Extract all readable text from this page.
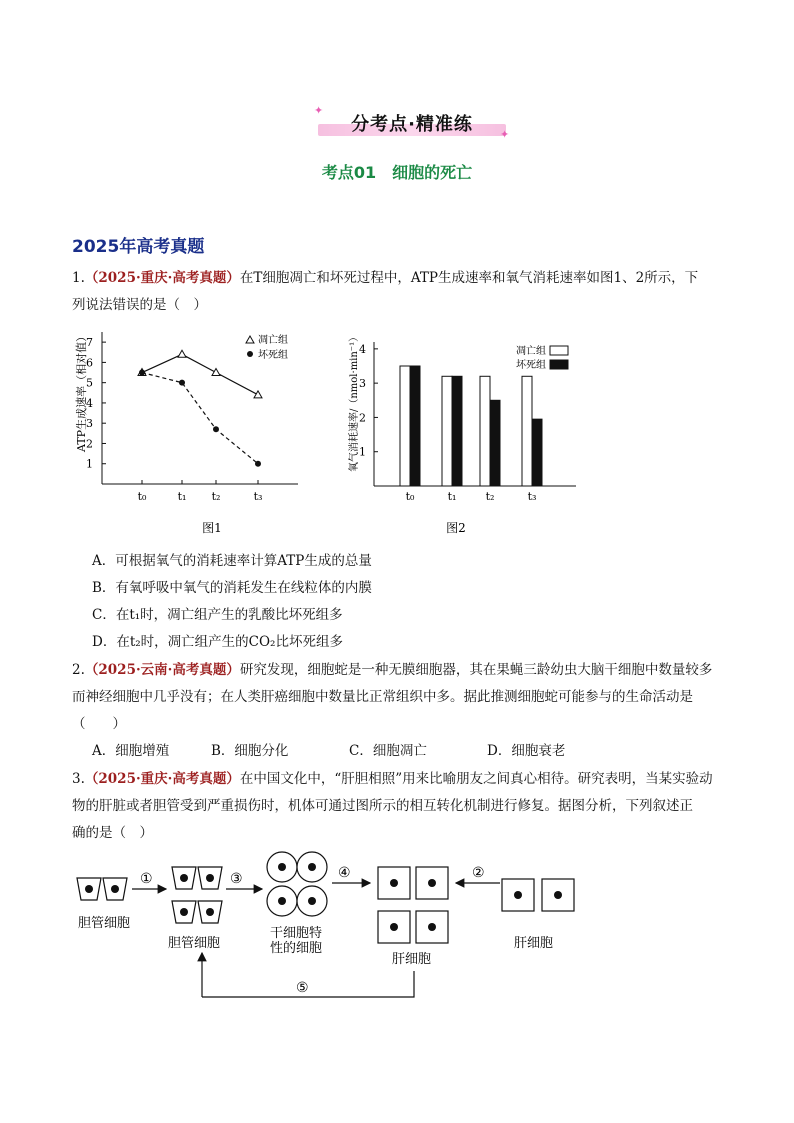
分考点·精准练
✦
✦
考点01　细胞的死亡
2025年高考真题
1.（2025·重庆·高考真题）在T细胞凋亡和坏死过程中，ATP生成速率和氧气消耗速率如图1、2所示，下
列说法错误的是（　）
1
2
3
4
5
6
7
t₀	t₁ t₂	t₃
ATP生成速率（相对值）	凋亡组
坏死组
图1
1
2
3
4
t₀	t₁	t₂	t₃
氧气消耗速率/（nmol·min⁻¹）	凋亡组
坏死组
图2
A．可根据氧气的消耗速率计算ATP生成的总量
B．有氧呼吸中氧气的消耗发生在线粒体的内膜
C．在t₁时，凋亡组产生的乳酸比坏死组多
D．在t₂时，凋亡组产生的CO₂比坏死组多
2.（2025·云南·高考真题）研究发现，细胞蛇是一种无膜细胞器，其在果蝇三龄幼虫大脑干细胞中数量较多
而神经细胞中几乎没有；在人类肝癌细胞中数量比正常组织中多。据此推测细胞蛇可能参与的生命活动是
（　　）
A．细胞增殖	B．细胞分化	C．细胞凋亡	D．细胞衰老
3.（2025·重庆·高考真题）在中国文化中，“肝胆相照”用来比喻朋友之间真心相待。研究表明，当某实验动
物的肝脏或者胆管受到严重损伤时，机体可通过图所示的相互转化机制进行修复。据图分析，下列叙述正
确的是（　）
胆管细胞
①
胆管细胞
③
干细胞特
性的细胞
④
肝细胞
②
肝细胞
⑤
